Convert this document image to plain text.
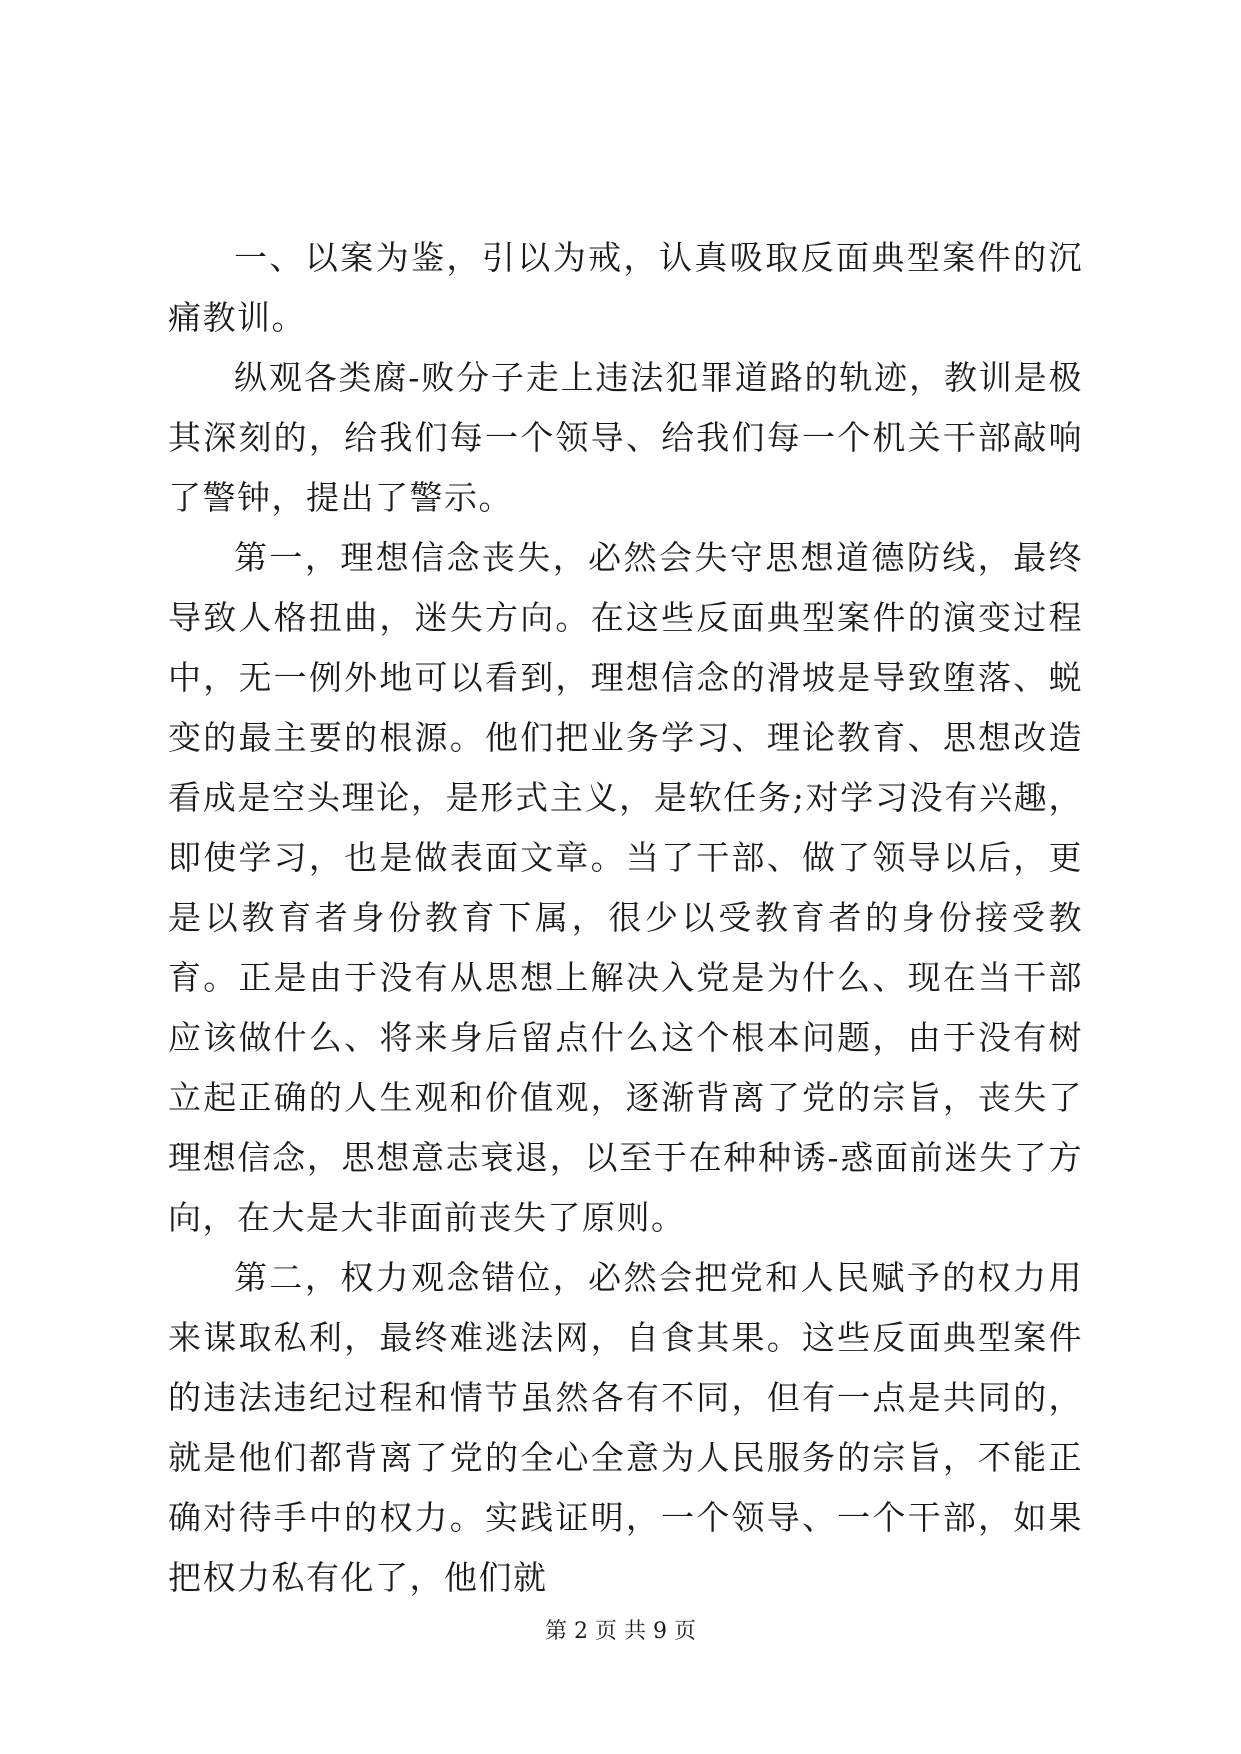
一、以案为鉴，引以为戒，认真吸取反面典型案件的沉痛教训。

纵观各类腐-败分子走上违法犯罪道路的轨迹，教训是极其深刻的，给我们每一个领导、给我们每一个机关干部敲响了警钟，提出了警示。

第一，理想信念丧失，必然会失守思想道德防线，最终导致人格扭曲，迷失方向。在这些反面典型案件的演变过程中，无一例外地可以看到，理想信念的滑坡是导致堕落、蜕变的最主要的根源。他们把业务学习、理论教育、思想改造看成是空头理论，是形式主义，是软任务;对学习没有兴趣，即使学习，也是做表面文章。当了干部、做了领导以后，更是以教育者身份教育下属，很少以受教育者的身份接受教育。正是由于没有从思想上解决入党是为什么、现在当干部应该做什么、将来身后留点什么这个根本问题，由于没有树立起正确的人生观和价值观，逐渐背离了党的宗旨，丧失了理想信念，思想意志衰退，以至于在种种诱-惑面前迷失了方向，在大是大非面前丧失了原则。

第二，权力观念错位，必然会把党和人民赋予的权力用来谋取私利，最终难逃法网，自食其果。这些反面典型案件的违法违纪过程和情节虽然各有不同，但有一点是共同的，就是他们都背离了党的全心全意为人民服务的宗旨，不能正确对待手中的权力。实践证明，一个领导、一个干部，如果把权力私有化了，他们就

第 2 页 共 9 页
